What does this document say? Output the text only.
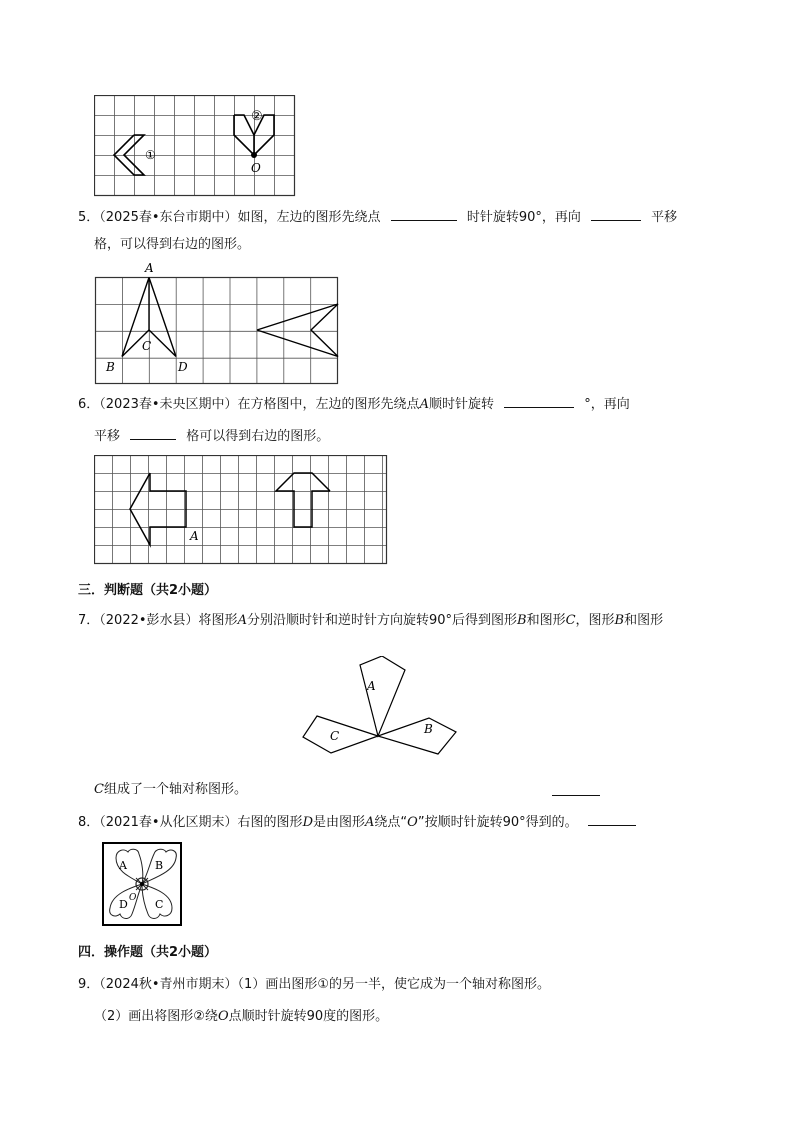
①
②
O
5．（2025春•东台市期中）如图，左边的图形先绕点	时针旋转90°，再向	平移
格，可以得到右边的图形。
A
C
B	D
6．（2023春•未央区期中）在方格图中，左边的图形先绕点A顺时针旋转	°，再向
平移	格可以得到右边的图形。
A
三．判断题（共2小题）
7．（2022•彭水县）将图形A分别沿顺时针和逆时针方向旋转90°后得到图形B和图形C，图形B和图形
A
C	B
C组成了一个轴对称图形。
8．（2021春•从化区期末）右图的图形D是由图形A绕点“O”按顺时针旋转90°得到的。
A	B
C
D O
四．操作题（共2小题）
9．（2024秋•青州市期末）（1）画出图形①的另一半，使它成为一个轴对称图形。
（2）画出将图形②绕O点顺时针旋转90度的图形。
